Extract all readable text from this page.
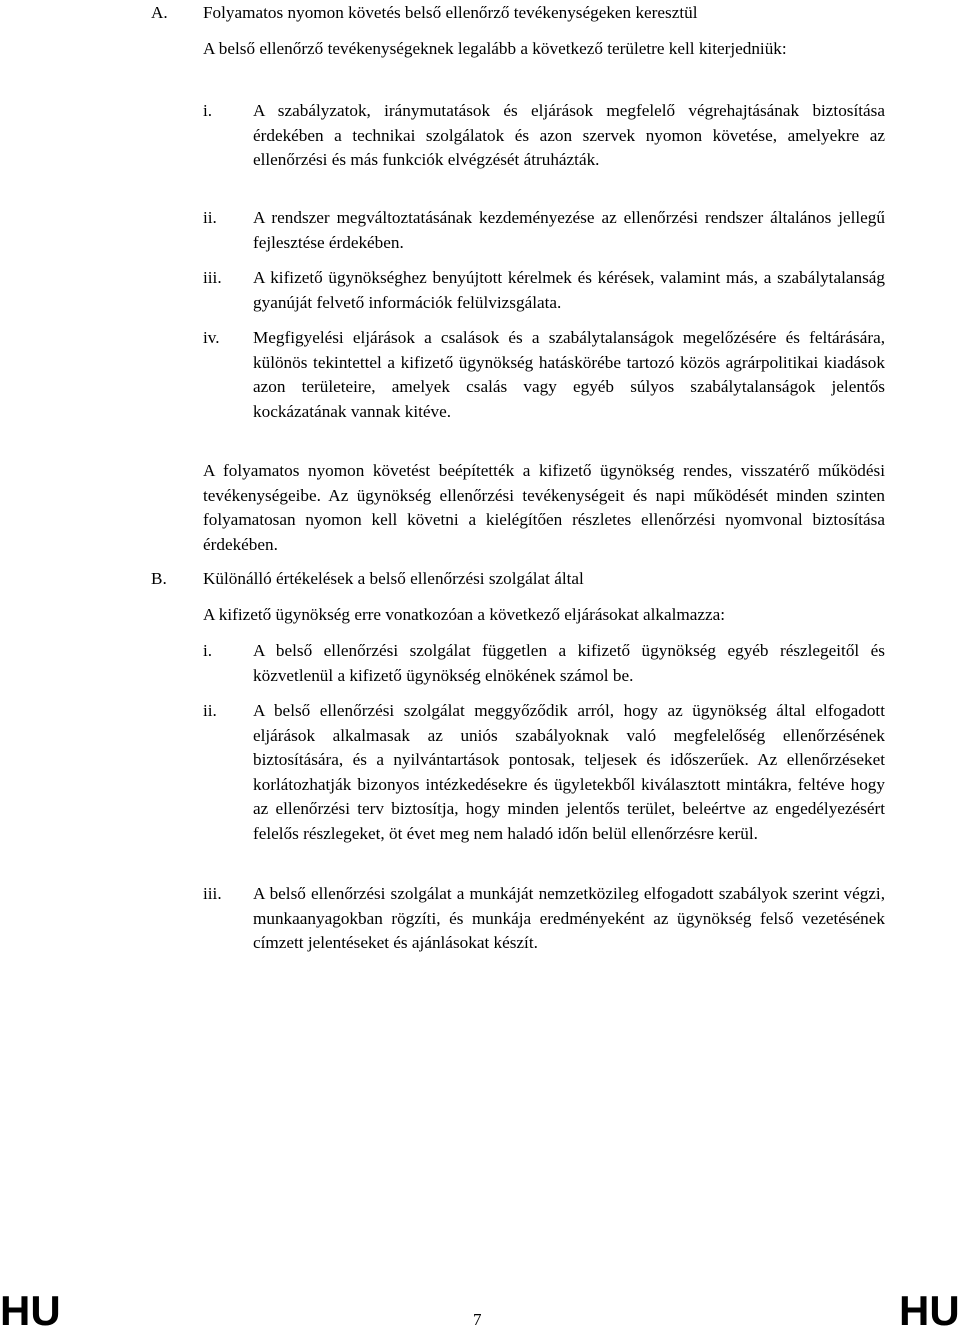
A. Folyamatos nyomon követés belső ellenőrző tevékenységeken keresztül
A belső ellenőrző tevékenységeknek legalább a következő területre kell kiterjedniük:
i. A szabályzatok, iránymutatások és eljárások megfelelő végrehajtásának biztosítása érdekében a technikai szolgálatok és azon szervek nyomon követése, amelyekre az ellenőrzési és más funkciók elvégzését átruházták.
ii. A rendszer megváltoztatásának kezdeményezése az ellenőrzési rendszer általános jellegű fejlesztése érdekében.
iii. A kifizető ügynökséghez benyújtott kérelmek és kérések, valamint más, a szabálytalanság gyanúját felvető információk felülvizsgálata.
iv. Megfigyelési eljárások a csalások és a szabálytalanságok megelőzésére és feltárására, különös tekintettel a kifizető ügynökség hatáskörébe tartozó közös agrárpolitikai kiadások azon területeire, amelyek csalás vagy egyéb súlyos szabálytalanságok jelentős kockázatának vannak kitéve.
A folyamatos nyomon követést beépítették a kifizető ügynökség rendes, visszatérő működési tevékenységeibe. Az ügynökség ellenőrzési tevékenységeit és napi működését minden szinten folyamatosan nyomon kell követni a kielégítően részletes ellenőrzési nyomvonal biztosítása érdekében.
B. Különálló értékelések a belső ellenőrzési szolgálat által
A kifizető ügynökség erre vonatkozóan a következő eljárásokat alkalmazza:
i. A belső ellenőrzési szolgálat független a kifizető ügynökség egyéb részlegeitől és közvetlenül a kifizető ügynökség elnökének számol be.
ii. A belső ellenőrzési szolgálat meggyőződik arról, hogy az ügynökség által elfogadott eljárások alkalmasak az uniós szabályoknak való megfelelőség ellenőrzésének biztosítására, és a nyilvántartások pontosak, teljesek és időszerűek. Az ellenőrzéseket korlátozhatják bizonyos intézkedésekre és ügyletekből kiválasztott mintákra, feltéve hogy az ellenőrzési terv biztosítja, hogy minden jelentős terület, beleértve az engedélyezésért felelős részlegeket, öt évet meg nem haladó időn belül ellenőrzésre kerül.
iii. A belső ellenőrzési szolgálat a munkáját nemzetközileg elfogadott szabályok szerint végzi, munkaanyagokban rögzíti, és munkája eredményeként az ügynökség felső vezetésének címzett jelentéseket és ajánlásokat készít.
HU	7	HU
